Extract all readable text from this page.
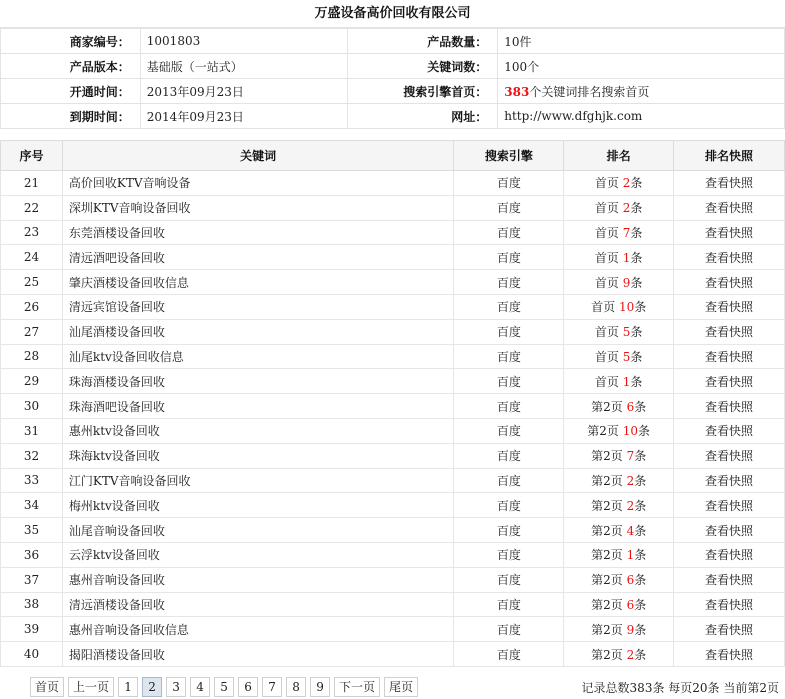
万盛设备高价回收有限公司
商家编号 ：	1001803	产品数量 ：	10件
产品版本 ：	基础版（一站式）	关键词数 ：	100个
开通时间 ：	2013年09月23日	搜索引擎首页 ：	383个关键词排名搜索首页
到期时间 ：	2014年09月23日	网址 ：	http://www.dfghjk.com
序号	关键词	搜索引擎	排名	排名快照
21	高价回收KTV音响设备	百度	首页 2条	查看快照
22	深圳KTV音响设备回收	百度	首页 2条	查看快照
23	东莞酒楼设备回收	百度	首页 7条	查看快照
24	清远酒吧设备回收	百度	首页 1条	查看快照
25	肇庆酒楼设备回收信息	百度	首页 9条	查看快照
26	清远宾馆设备回收	百度	首页 10条	查看快照
27	汕尾酒楼设备回收	百度	首页 5条	查看快照
28	汕尾ktv设备回收信息	百度	首页 5条	查看快照
29	珠海酒楼设备回收	百度	首页 1条	查看快照
30	珠海酒吧设备回收	百度	第2页 6条	查看快照
31	惠州ktv设备回收	百度	第2页 10条	查看快照
32	珠海ktv设备回收	百度	第2页 7条	查看快照
33	江门KTV音响设备回收	百度	第2页 2条	查看快照
34	梅州ktv设备回收	百度	第2页 2条	查看快照
35	汕尾音响设备回收	百度	第2页 4条	查看快照
36	云浮ktv设备回收	百度	第2页 1条	查看快照
37	惠州音响设备回收	百度	第2页 6条	查看快照
38	清远酒楼设备回收	百度	第2页 6条	查看快照
39	惠州音响设备回收信息	百度	第2页 9条	查看快照
40	揭阳酒楼设备回收	百度	第2页 2条	查看快照
首页	上一页	1	2	3	4	5	6	7	8	9	下一页	尾页	记录总数383条 每页20条 当前第2页
